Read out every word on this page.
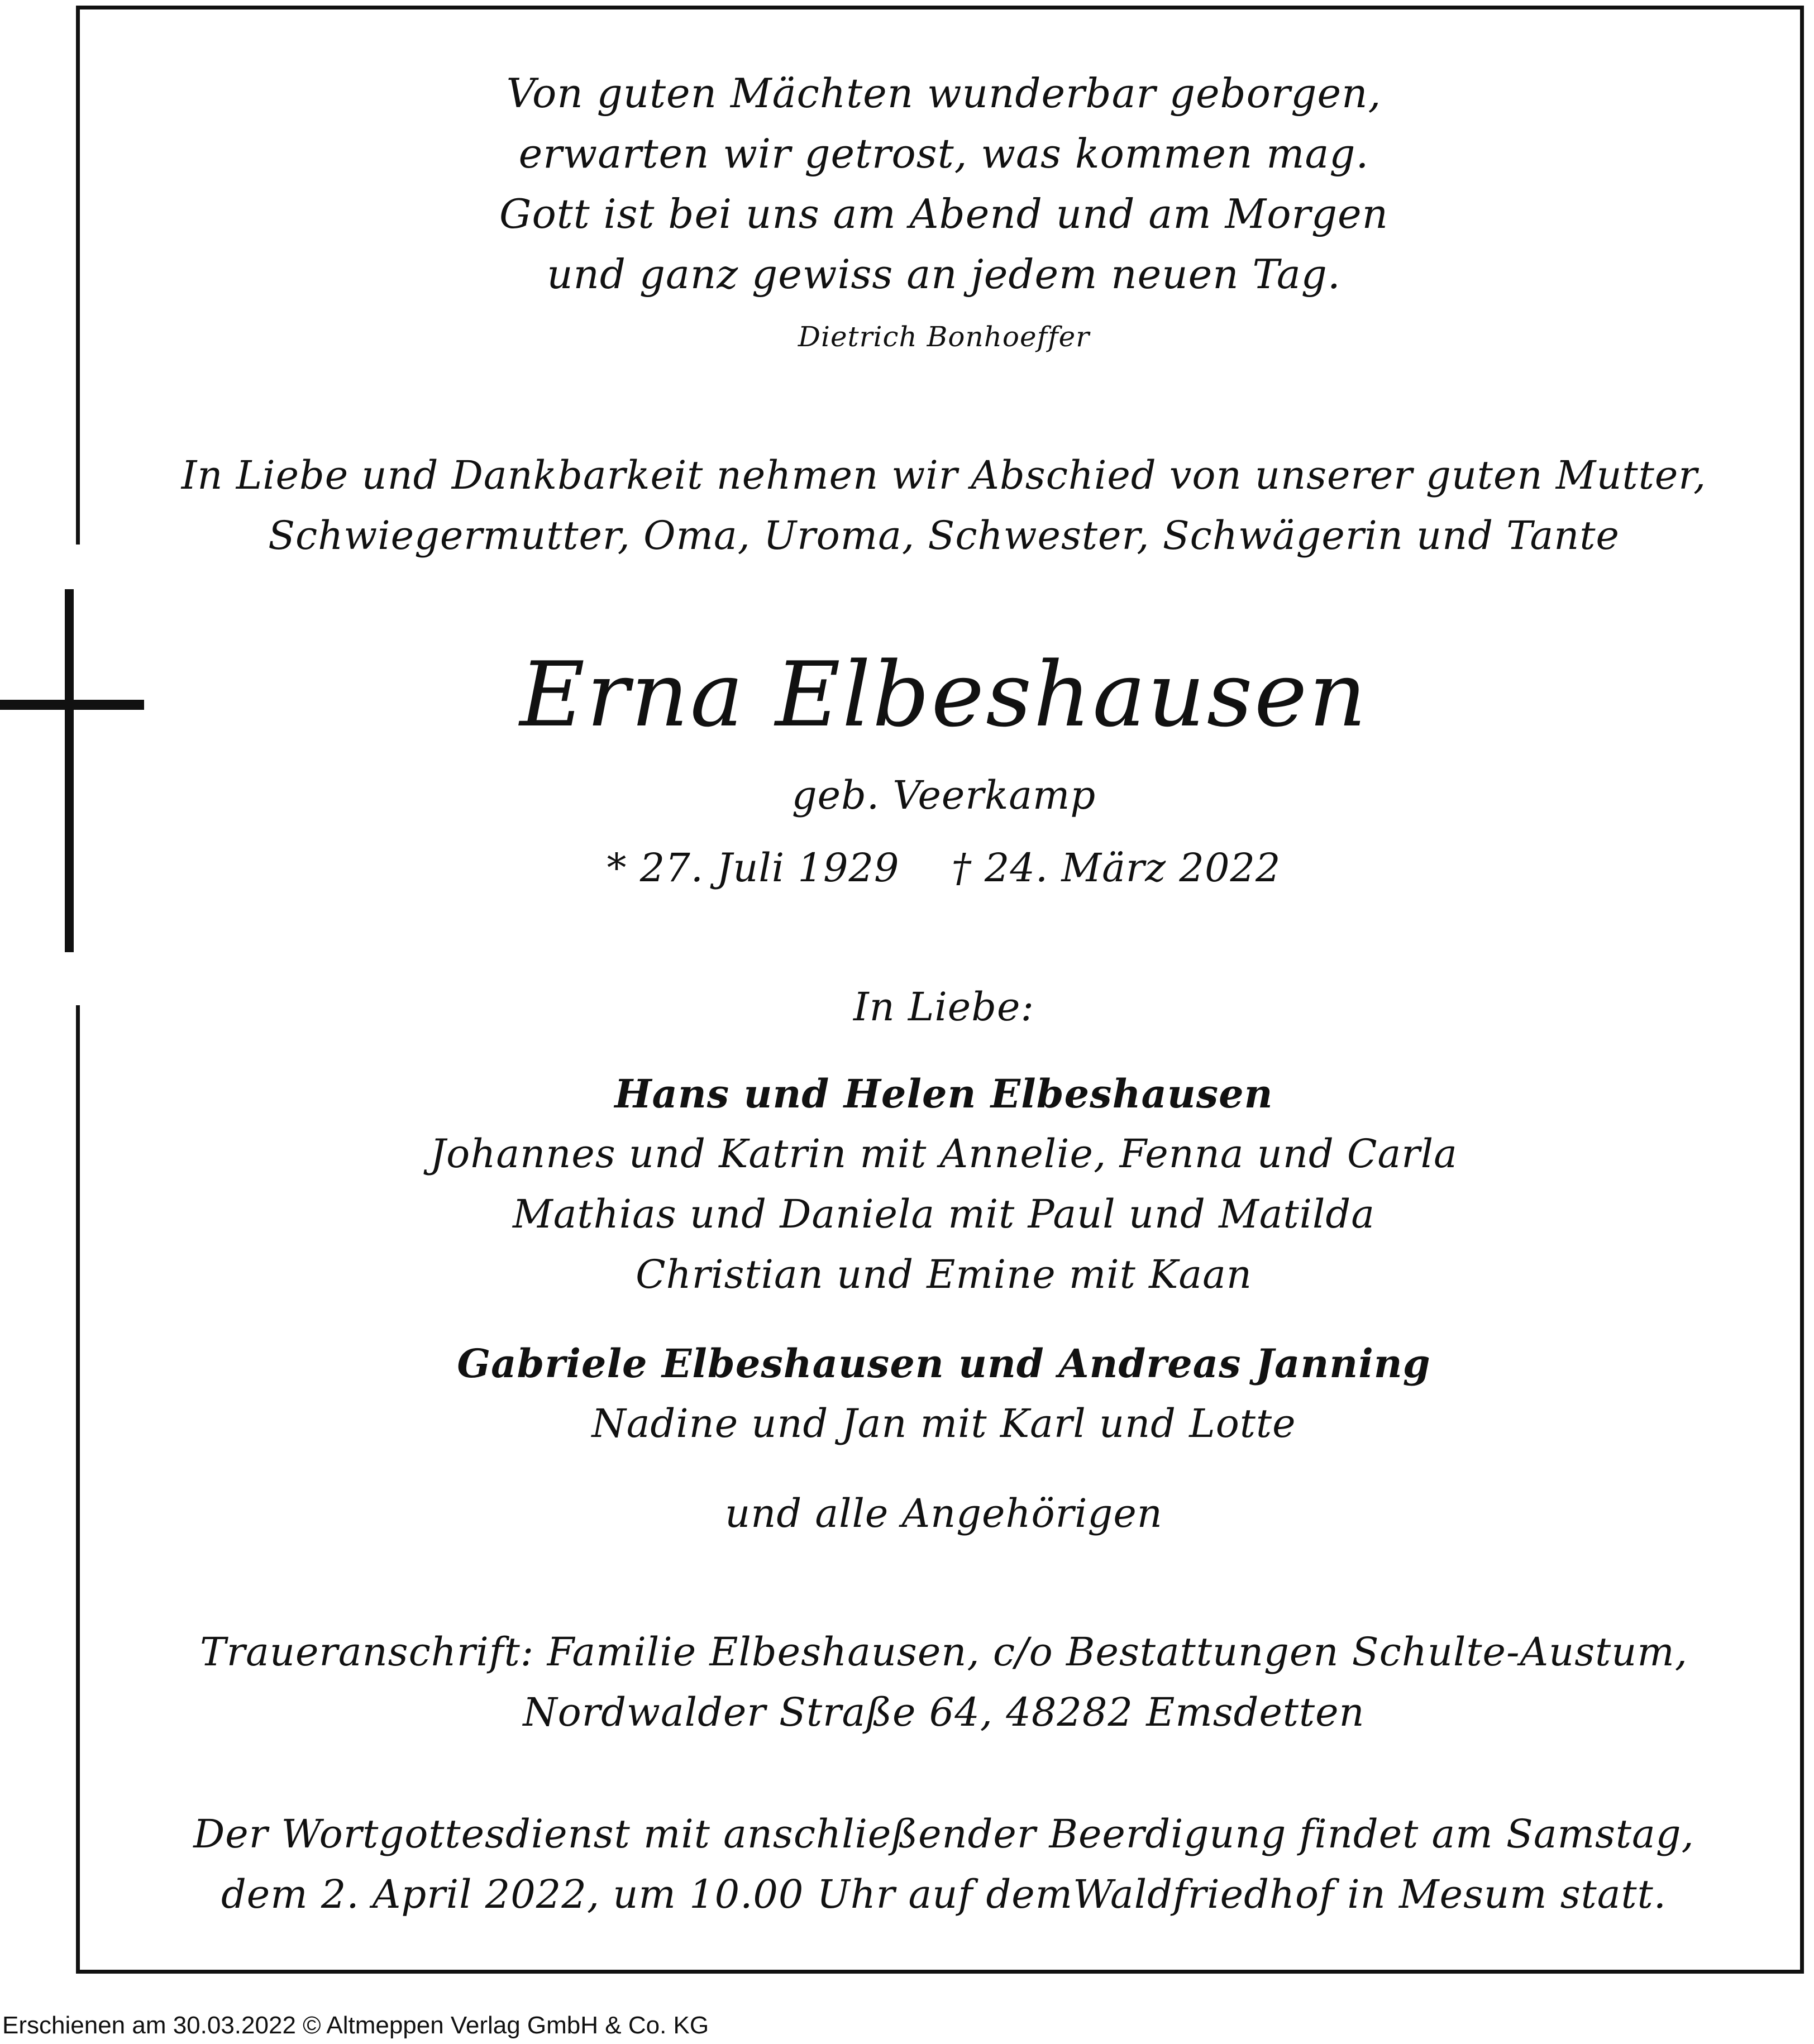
Von guten Mächten wunderbar geborgen,
erwarten wir getrost, was kommen mag.
Gott ist bei uns am Abend und am Morgen
und ganz gewiss an jedem neuen Tag.
Dietrich Bonhoeffer
In Liebe und Dankbarkeit nehmen wir Abschied von unserer guten Mutter,
Schwiegermutter, Oma, Uroma, Schwester, Schwägerin und Tante
Erna Elbeshausen
geb. Veerkamp
* 27. Juli 1929    † 24. März 2022
In Liebe:
Hans und Helen Elbeshausen
Johannes und Katrin mit Annelie, Fenna und Carla
Mathias und Daniela mit Paul und Matilda
Christian und Emine mit Kaan
Gabriele Elbeshausen und Andreas Janning
Nadine und Jan mit Karl und Lotte
und alle Angehörigen
Traueranschrift: Familie Elbeshausen, c/o Bestattungen Schulte-Austum,
Nordwalder Straße 64, 48282 Emsdetten
Der Wortgottesdienst mit anschließender Beerdigung findet am Samstag,
dem 2. April 2022, um 10.00 Uhr auf demWaldfriedhof in Mesum statt.
Erschienen am 30.03.2022 © Altmeppen Verlag GmbH & Co. KG
